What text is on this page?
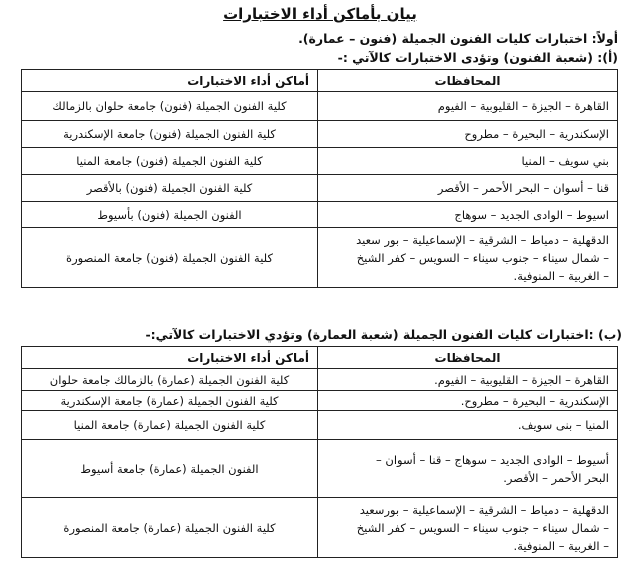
بيان بأماكن أداء الاختبارات
أولاً: اختبارات كليات الفنون الجميلة (فنون – عمارة).
(أ): (شعبة الفنون) وتؤدى الاختبارات كالآتي :-
المحافظات	أماكن أداء الاختبارات
القاهرة – الجيزة – القليوبية – الفيوم	كلية الفنون الجميلة (فنون) جامعة حلوان بالزمالك
الإسكندرية – البحيرة – مطروح	كلية الفنون الجميلة (فنون) جامعة الإسكندرية
بني سويف – المنيا	كلية الفنون الجميلة (فنون) جامعة المنيا
قنا – أسوان – البحر الأحمر – الأقصر	كلية الفنون الجميلة (فنون) بالأقصر
اسيوط – الوادى الجديد – سوهاج	الفنون الجميلة (فنون) بأسيوط

الدقهلية – دمياط – الشرقية – الإسماعيلية – بور سعيد
– شمال سيناء – جنوب سيناء – السويس – كفر الشيخ
– الغربية – المنوفية.	كلية الفنون الجميلة (فنون) جامعة المنصورة
(ب) :اختبارات كليات الفنون الجميلة (شعبة العمارة) وتؤدي الاختبارات كالآتي:-
المحافظات	أماكن أداء الاختبارات
القاهرة – الجيزة – القليوبية – الفيوم.	كلية الفنون الجميلة (عمارة) بالزمالك جامعة حلوان
الإسكندرية – البحيرة – مطروح.	كلية الفنون الجميلة (عمارة) جامعة الإسكندرية
المنيا – بنى سويف.	كلية الفنون الجميلة (عمارة) جامعة المنيا

أسيوط – الوادى الجديد – سوهاج – قنا – أسوان –
البحر الأحمر – الأقصر.	الفنون الجميلة (عمارة) جامعة أسيوط

الدقهلية – دمياط – الشرقية – الإسماعيلية – بورسعيد
– شمال سيناء – جنوب سيناء – السويس – كفر الشيخ
– الغربية – المنوفية.	كلية الفنون الجميلة (عمارة) جامعة المنصورة
